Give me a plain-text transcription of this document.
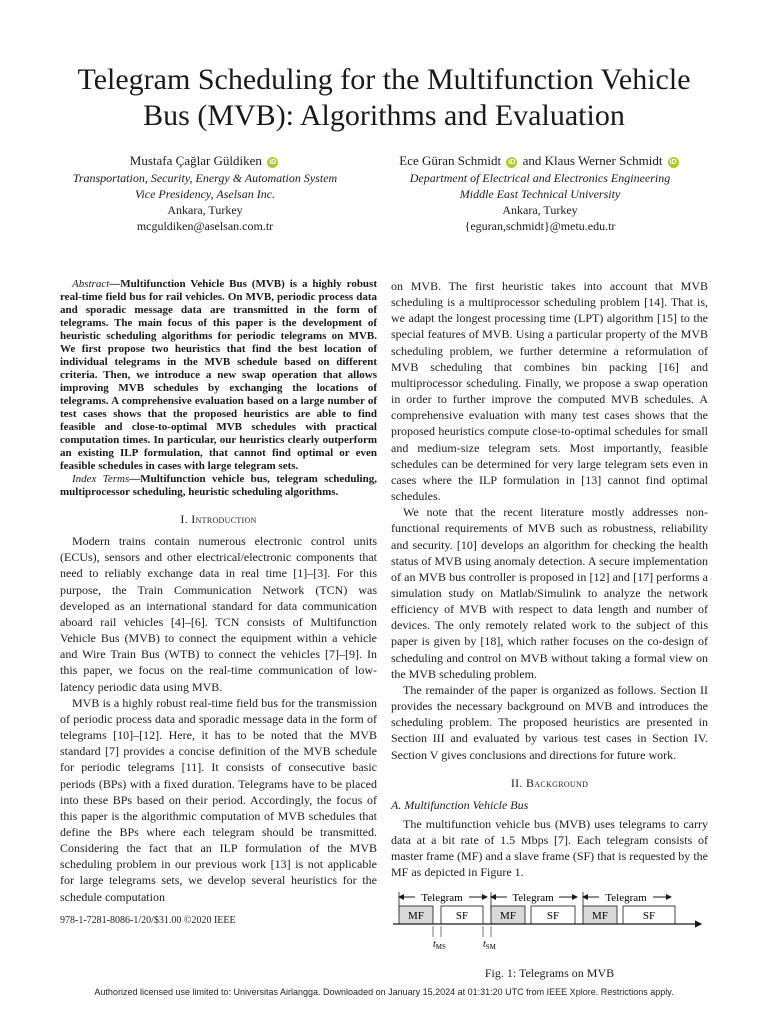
Telegram Scheduling for the Multifunction Vehicle
Bus (MVB): Algorithms and Evaluation
Mustafa Çağlar Güldiken iD
Transportation, Security, Energy & Automation System
Vice Presidency, Aselsan Inc.
Ankara, Turkey
mcguldiken@aselsan.com.tr
Ece Güran Schmidt iD and Klaus Werner Schmidt iD
Department of Electrical and Electronics Engineering
Middle East Technical University
Ankara, Turkey
{eguran,schmidt}@metu.edu.tr

Abstract—Multifunction Vehicle Bus (MVB) is a highly robust real-time field bus for rail vehicles. On MVB, periodic process data and sporadic message data are transmitted in the form of telegrams. The main focus of this paper is the development of heuristic scheduling algorithms for periodic telegrams on MVB. We first propose two heuristics that find the best location of individual telegrams in the MVB schedule based on different criteria. Then, we introduce a new swap operation that allows improving MVB schedules by exchanging the locations of telegrams. A comprehensive evaluation based on a large number of test cases shows that the proposed heuristics are able to find feasible and close-to-optimal MVB schedules with practical computation times. In particular, our heuristics clearly outperform an existing ILP formulation, that cannot find optimal or even feasible schedules in cases with large telegram sets.

Index Terms—Multifunction vehicle bus, telegram scheduling, multiprocessor scheduling, heuristic scheduling algorithms.

I. Introduction

Modern trains contain numerous electronic control units (ECUs), sensors and other electrical/electronic components that need to reliably exchange data in real time [1]–[3]. For this purpose, the Train Communication Network (TCN) was developed as an international standard for data communication aboard rail vehicles [4]–[6]. TCN consists of Multifunction Vehicle Bus (MVB) to connect the equipment within a vehicle and Wire Train Bus (WTB) to connect the vehicles [7]–[9]. In this paper, we focus on the real-time communication of low-latency periodic data using MVB.

MVB is a highly robust real-time field bus for the transmission of periodic process data and sporadic message data in the form of telegrams [10]–[12]. Here, it has to be noted that the MVB standard [7] provides a concise definition of the MVB schedule for periodic telegrams [11]. It consists of consecutive basic periods (BPs) with a fixed duration. Telegrams have to be placed into these BPs based on their period. Accordingly, the focus of this paper is the algorithmic computation of MVB schedules that define the BPs where each telegram should be transmitted. Considering the fact that an ILP formulation of the MVB scheduling problem in our previous work [13] is not applicable for large telegrams sets, we develop several heuristics for the schedule computation

on MVB. The first heuristic takes into account that MVB scheduling is a multiprocessor scheduling problem [14]. That is, we adapt the longest processing time (LPT) algorithm [15] to the special features of MVB. Using a particular property of the MVB scheduling problem, we further determine a reformulation of MVB scheduling that combines bin packing [16] and multiprocessor scheduling. Finally, we propose a swap operation in order to further improve the computed MVB schedules. A comprehensive evaluation with many test cases shows that the proposed heuristics compute close-to-optimal schedules for small and medium-size telegram sets. Most importantly, feasible schedules can be determined for very large telegram sets even in cases where the ILP formulation in [13] cannot find optimal schedules.

We note that the recent literature mostly addresses non-functional requirements of MVB such as robustness, reliability and security. [10] develops an algorithm for checking the health status of MVB using anomaly detection. A secure implementation of an MVB bus controller is proposed in [12] and [17] performs a simulation study on Matlab/Simulink to analyze the network efficiency of MVB with respect to data length and number of devices. The only remotely related work to the subject of this paper is given by [18], which rather focuses on the co-design of scheduling and control on MVB without taking a formal view on the MVB scheduling problem.

The remainder of the paper is organized as follows. Section II provides the necessary background on MVB and introduces the scheduling problem. The proposed heuristics are presented in Section III and evaluated by various test cases in Section IV. Section V gives conclusions and directions for future work.

II. Background
A. Multifunction Vehicle Bus

The multifunction vehicle bus (MVB) uses telegrams to carry data at a bit rate of 1.5 Mbps [7]. Each telegram consists of master frame (MF) and a slave frame (SF) that is requested by the MF as depicted in Figure 1.

Telegram	Telegram	Telegram
MF	SF	MF	SF	MF	SF
$t_{MS}$	$t_{SM}$
Fig. 1: Telegrams on MVB
978-1-7281-8086-1/20/$31.00 ©2020 IEEE
Authorized licensed use limited to: Universitas Airlangga. Downloaded on January 15,2024 at 01:31:20 UTC from IEEE Xplore. Restrictions apply.
